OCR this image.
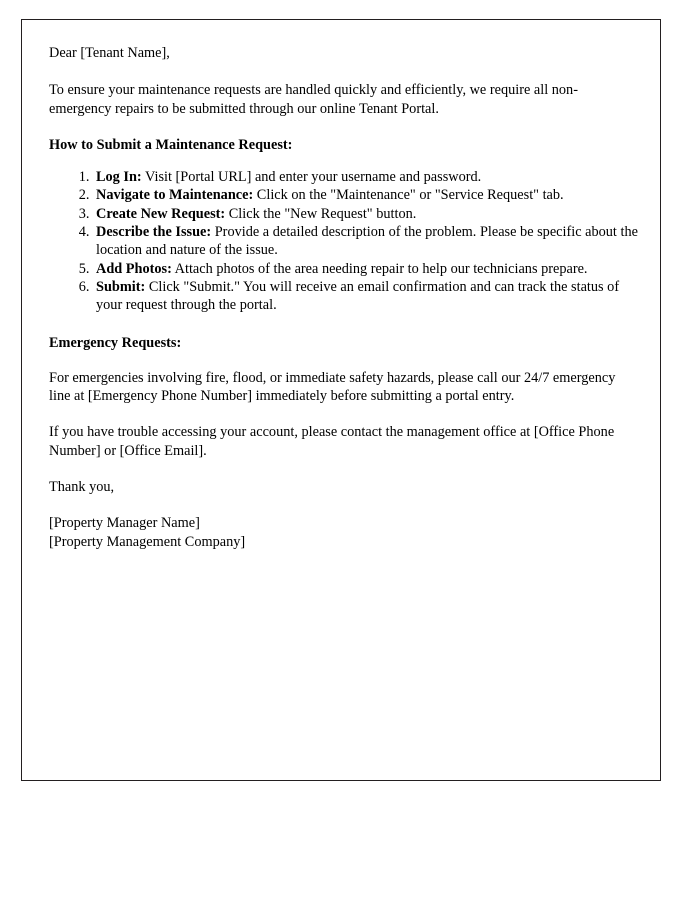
Dear [Tenant Name],

To ensure your maintenance requests are handled quickly and efficiently, we require all non-emergency repairs to be submitted through our online Tenant Portal.

How to Submit a Maintenance Request:

1. Log In: Visit [Portal URL] and enter your username and password.
2. Navigate to Maintenance: Click on the "Maintenance" or "Service Request" tab.
3. Create New Request: Click the "New Request" button.
4. Describe the Issue: Provide a detailed description of the problem. Please be specific about the location and nature of the issue.
5. Add Photos: Attach photos of the area needing repair to help our technicians prepare.
6. Submit: Click "Submit." You will receive an email confirmation and can track the status of your request through the portal.

Emergency Requests:

For emergencies involving fire, flood, or immediate safety hazards, please call our 24/7 emergency line at [Emergency Phone Number] immediately before submitting a portal entry.

If you have trouble accessing your account, please contact the management office at [Office Phone Number] or [Office Email].

Thank you,

[Property Manager Name]

[Property Management Company]
